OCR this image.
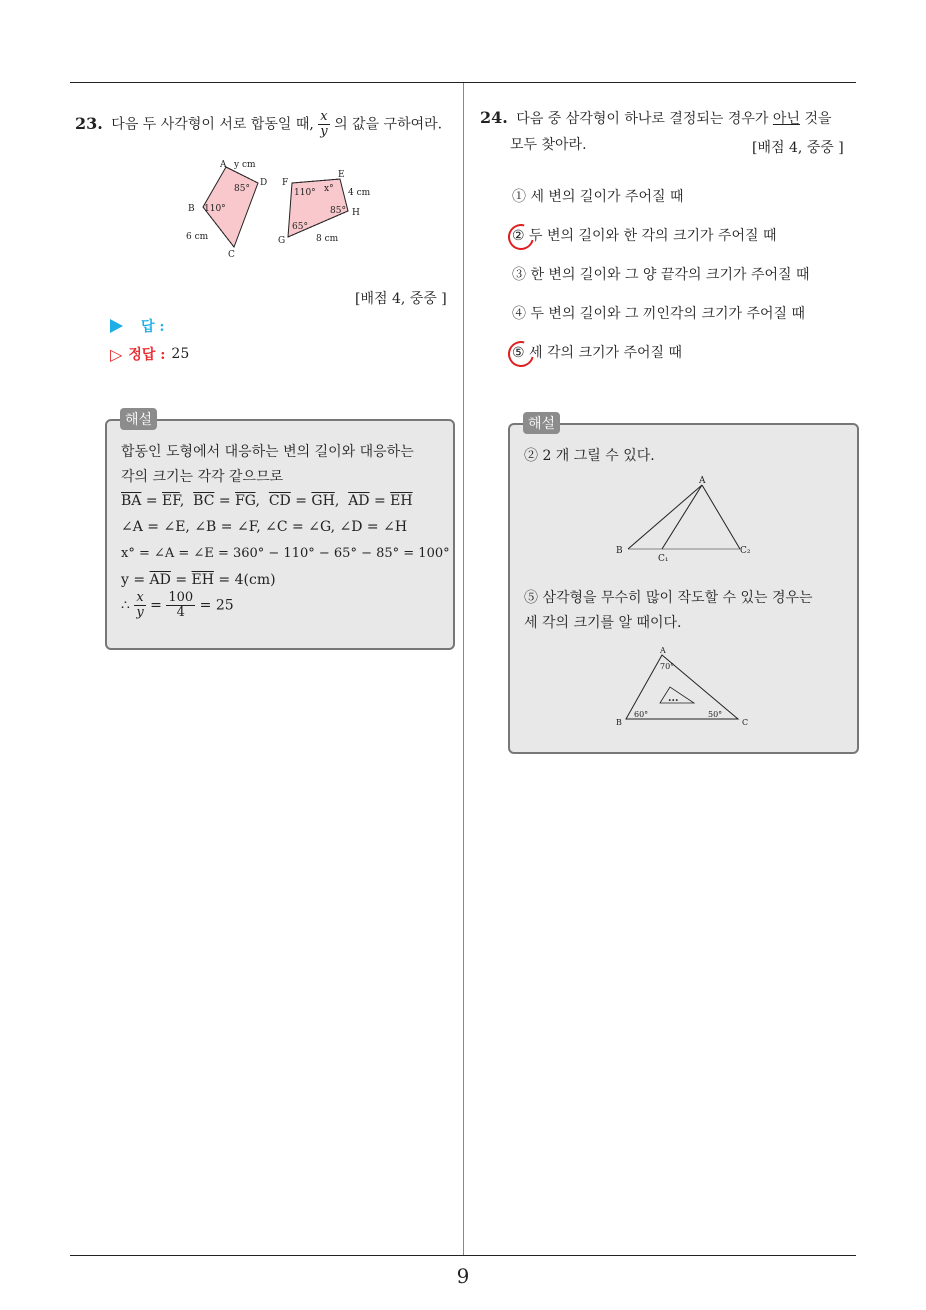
9
23. 다음 두 사각형이 서로 합동일 때, $\frac{x}{y}$ 의 값을 구하여라.
A y cm
D
85°
B 110°
6 cm
C
F
E
110° x° 4 cm
85° H
65°
G	8 cm
[배점 4, 중중 ]
답 :
▷ 정답 : 25
합동인 도형에서 대응하는 변의 길이와 대응하는
각의 크기는 각각 같으므로
$\overline{BA} = \overline{EF}$,  $\overline{BC} = \overline{FG}$,  $\overline{CD} = \overline{GH}$,  $\overline{AD} = \overline{EH}$
∠A = ∠E, ∠B = ∠F, ∠C = ∠G, ∠D = ∠H
x° = ∠A = ∠E = 360° − 110° − 65° − 85° = 100°
$y = \overline{AD} = \overline{EH} = 4(cm)$
∴ $\frac{x}{y} = \frac{100}{4} = 25$
해설
24. 다음 중 삼각형이 하나로 결정되는 경우가 아닌 것을
모두 찾아라.	[배점 4, 중중 ]
① 세 변의 길이가 주어질 때
② 두 변의 길이와 한 각의 크기가 주어질 때
③ 한 변의 길이와 그 양 끝각의 크기가 주어질 때
④ 두 변의 길이와 그 끼인각의 크기가 주어질 때
⑤ 세 각의 크기가 주어질 때
② 2 개 그릴 수 있다.
A
B
C₁
C₂
⑤ 삼각형을 무수히 많이 작도할 수 있는 경우는
세 각의 크기를 알 때이다.
A
70°
B
60°	50°
C
...
해설
